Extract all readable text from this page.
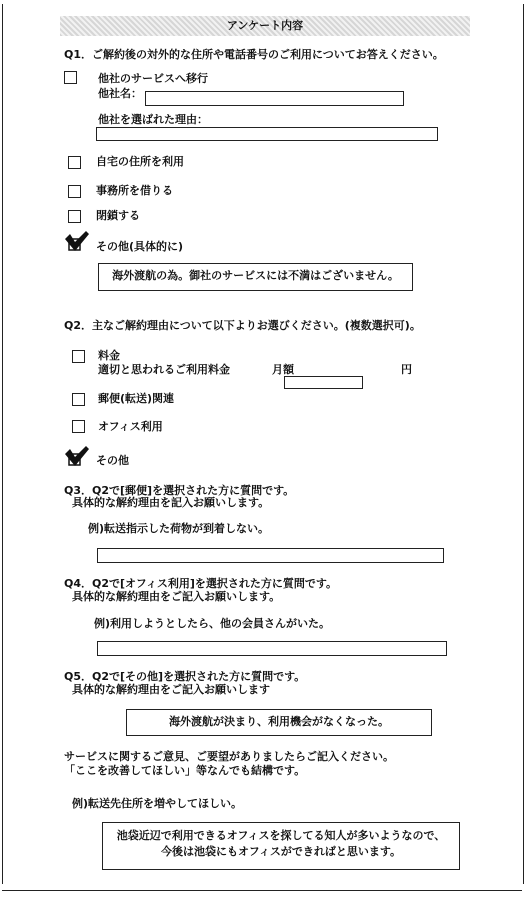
アンケート内容
Q1．ご解約後の対外的な住所や電話番号のご利用についてお答えください。
他社のサービスへ移行
他社名：
他社を選ばれた理由：
自宅の住所を利用
事務所を借りる
閉鎖する
その他(具体的に)
海外渡航の為。御社のサービスには不満はございません。
Q2．主なご解約理由について以下よりお選びください。(複数選択可)。
料金
適切と思われるご利用料金	月額	円
郵便(転送)関連
オフィス利用
その他
Q3．Q2で[郵便]を選択された方に質問です。
具体的な解約理由を記入お願いします。
例)転送指示した荷物が到着しない。
Q4．Q2で[オフィス利用]を選択された方に質問です。
具体的な解約理由をご記入お願いします。
例)利用しようとしたら、他の会員さんがいた。
Q5．Q2で[その他]を選択された方に質問です。
具体的な解約理由をご記入お願いします
海外渡航が決まり、利用機会がなくなった。
サービスに関するご意見、ご要望がありましたらご記入ください。
「ここを改善してほしい」等なんでも結構です。
例)転送先住所を増やしてほしい。
池袋近辺で利用できるオフィスを探してる知人が多いようなので、
今後は池袋にもオフィスができればと思います。
